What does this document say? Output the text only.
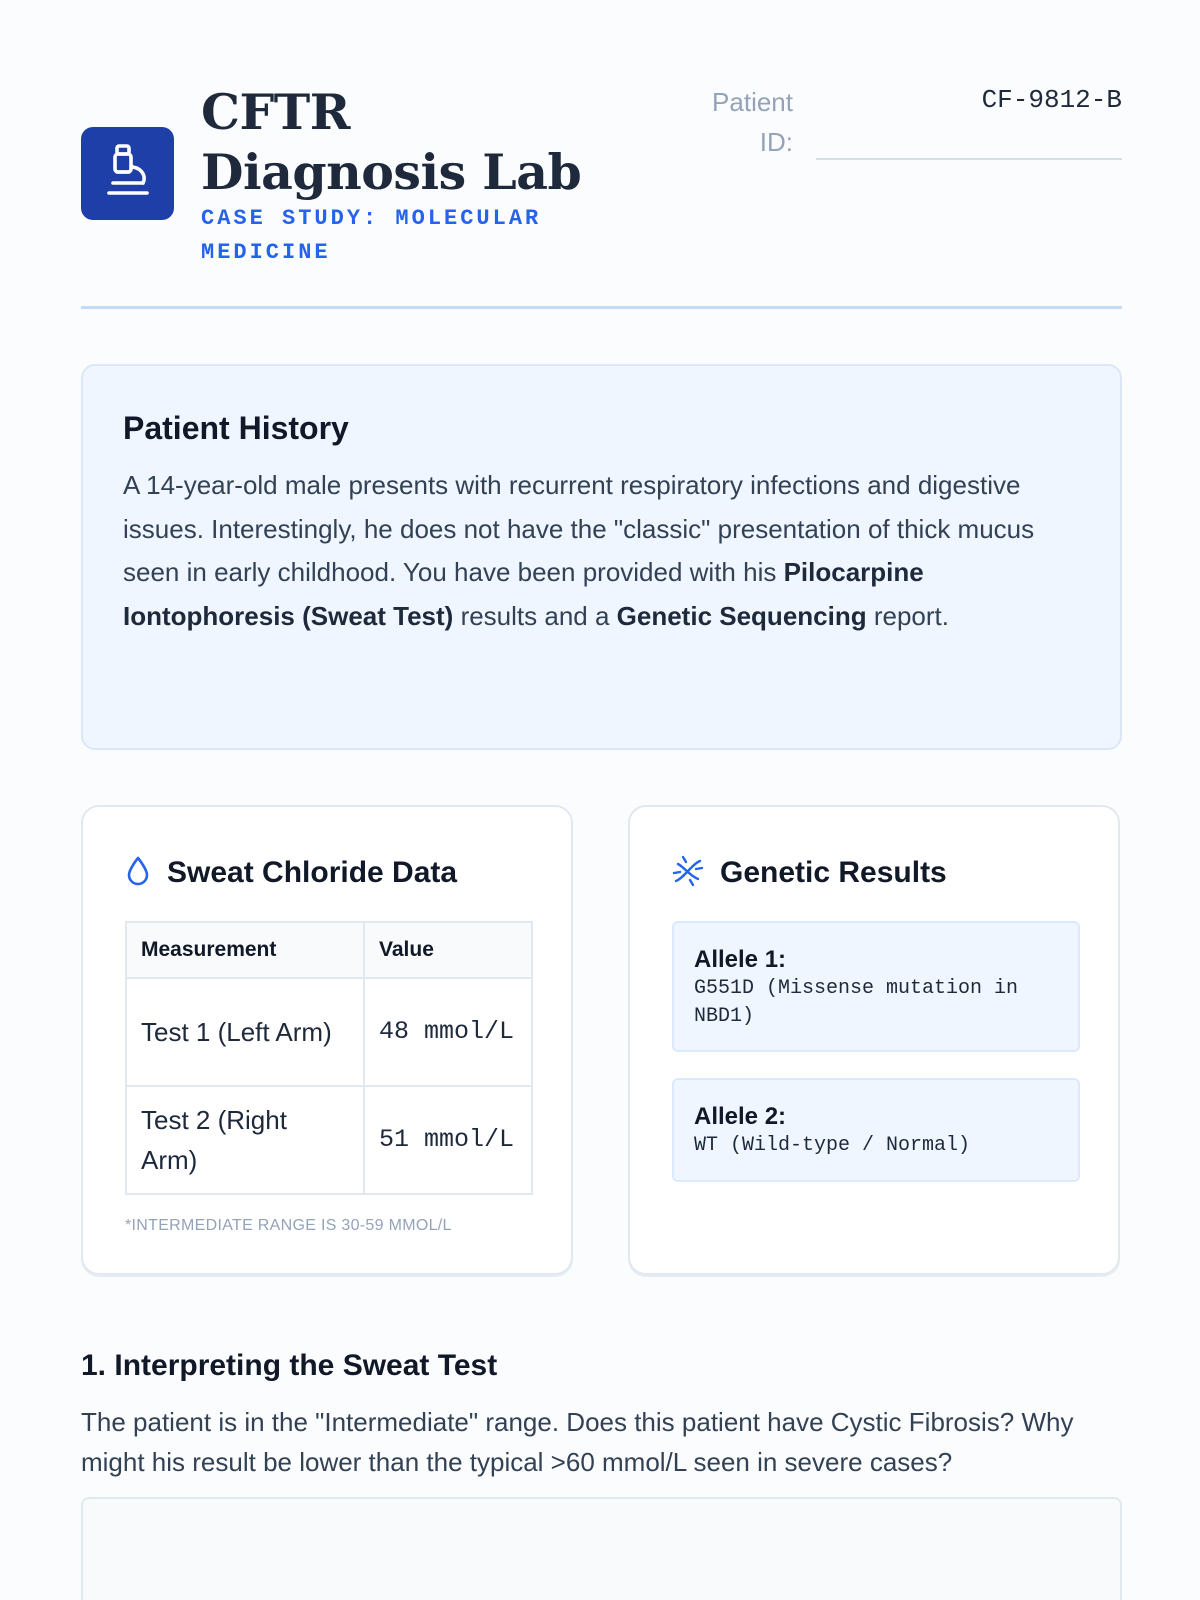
CFTR Diagnosis Lab
CASE STUDY: MOLECULAR MEDICINE
Patient ID:
CF-9812-B
Patient History

A 14-year-old male presents with recurrent respiratory infections and digestive issues. Interestingly, he does not have the "classic" presentation of thick mucus seen in early childhood. You have been provided with his Pilocarpine Iontophoresis (Sweat Test) results and a Genetic Sequencing report.

Sweat Chloride Data
Measurement	Value
Test 1 (Left Arm)	48 mmol/L
Test 2 (Right Arm)	51 mmol/L
*INTERMEDIATE RANGE IS 30-59 MMOL/L
Genetic Results
Allele 1:
G551D (Missense mutation in NBD1)
Allele 2:
WT (Wild-type / Normal)
1. Interpreting the Sweat Test

The patient is in the "Intermediate" range. Does this patient have Cystic Fibrosis? Why might his result be lower than the typical >60 mmol/L seen in severe cases?
